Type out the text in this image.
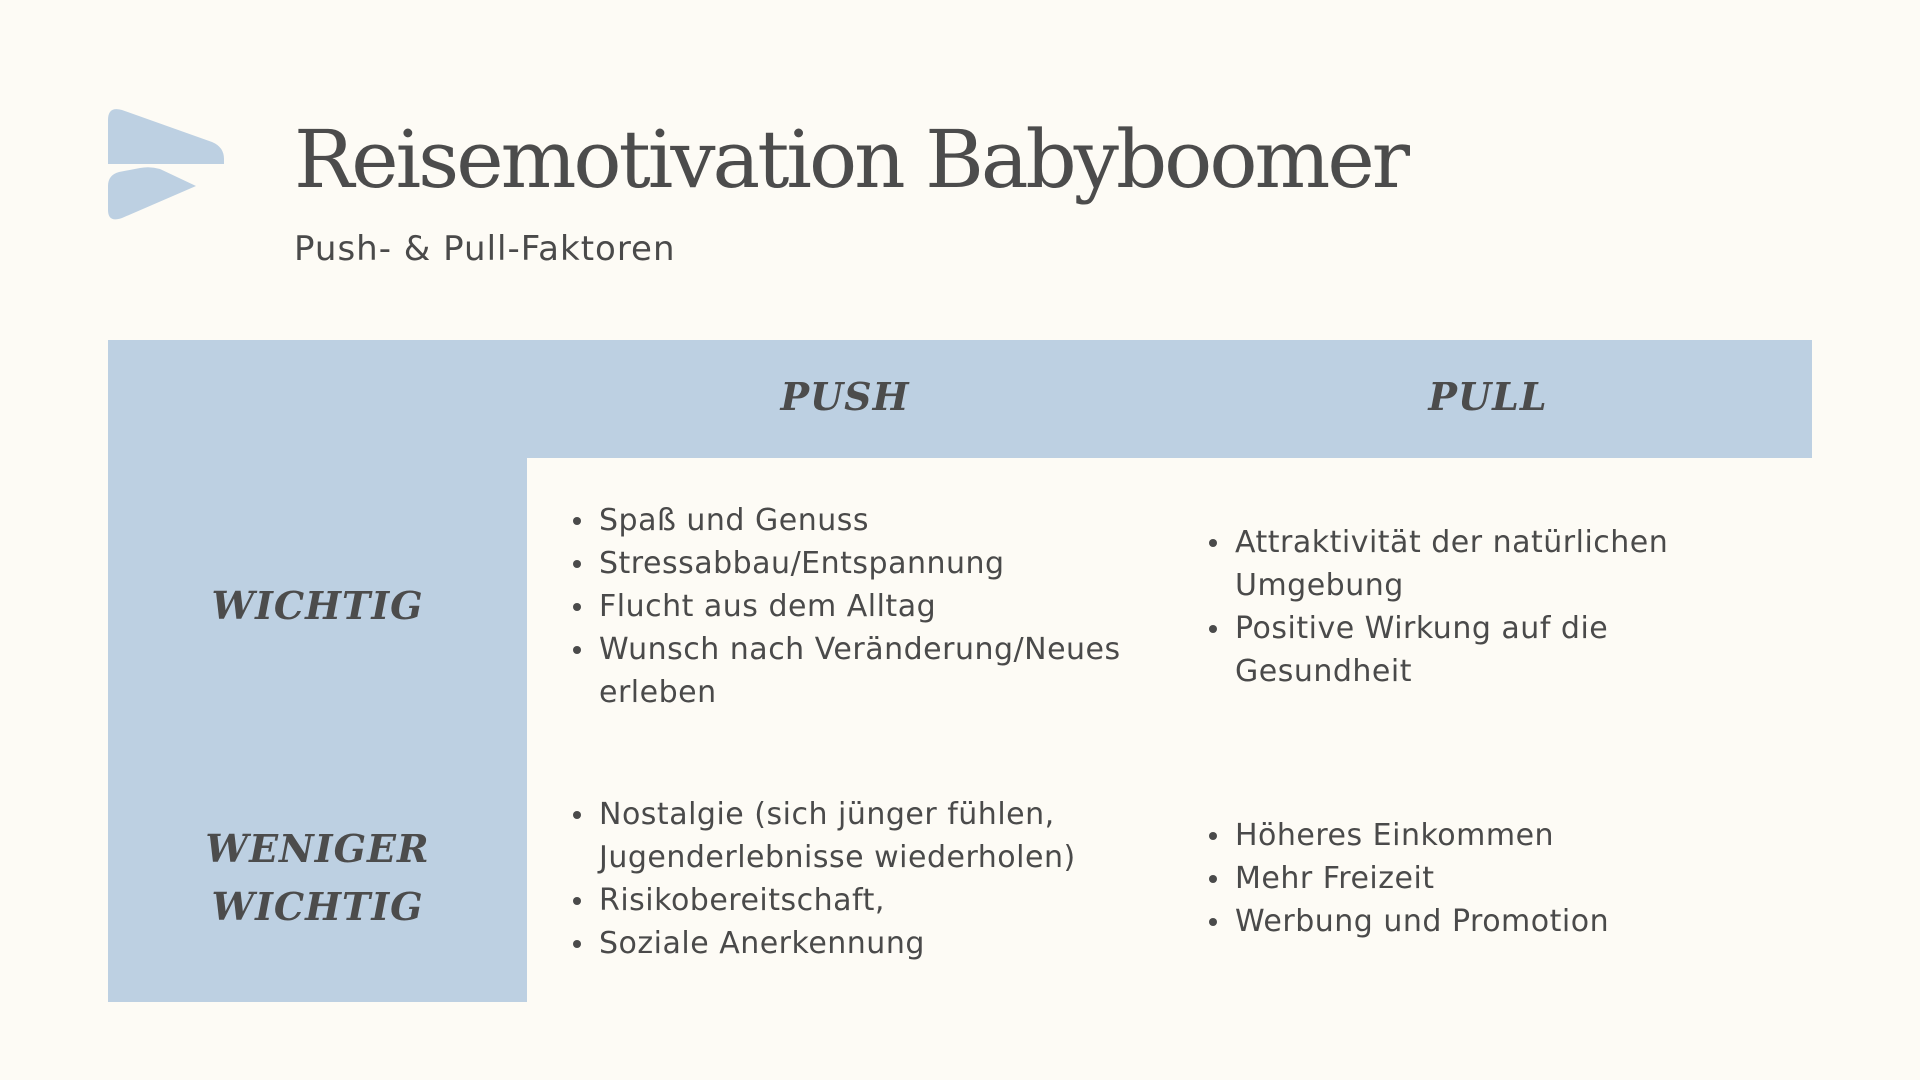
Reisemotivation Babyboomer

Push- & Pull-Faktoren

PUSH	PULL
WICHTIG
WENIGER
WICHTIG
Spaß und Genuss
Stressabbau/Entspannung
Flucht aus dem Alltag
Wunsch nach Veränderung/Neues erleben
Attraktivität der natürlichen Umgebung
Positive Wirkung auf die Gesundheit
Nostalgie (sich jünger fühlen, Jugenderlebnisse wiederholen)
Risikobereitschaft,
Soziale Anerkennung
Höheres Einkommen
Mehr Freizeit
Werbung und Promotion
